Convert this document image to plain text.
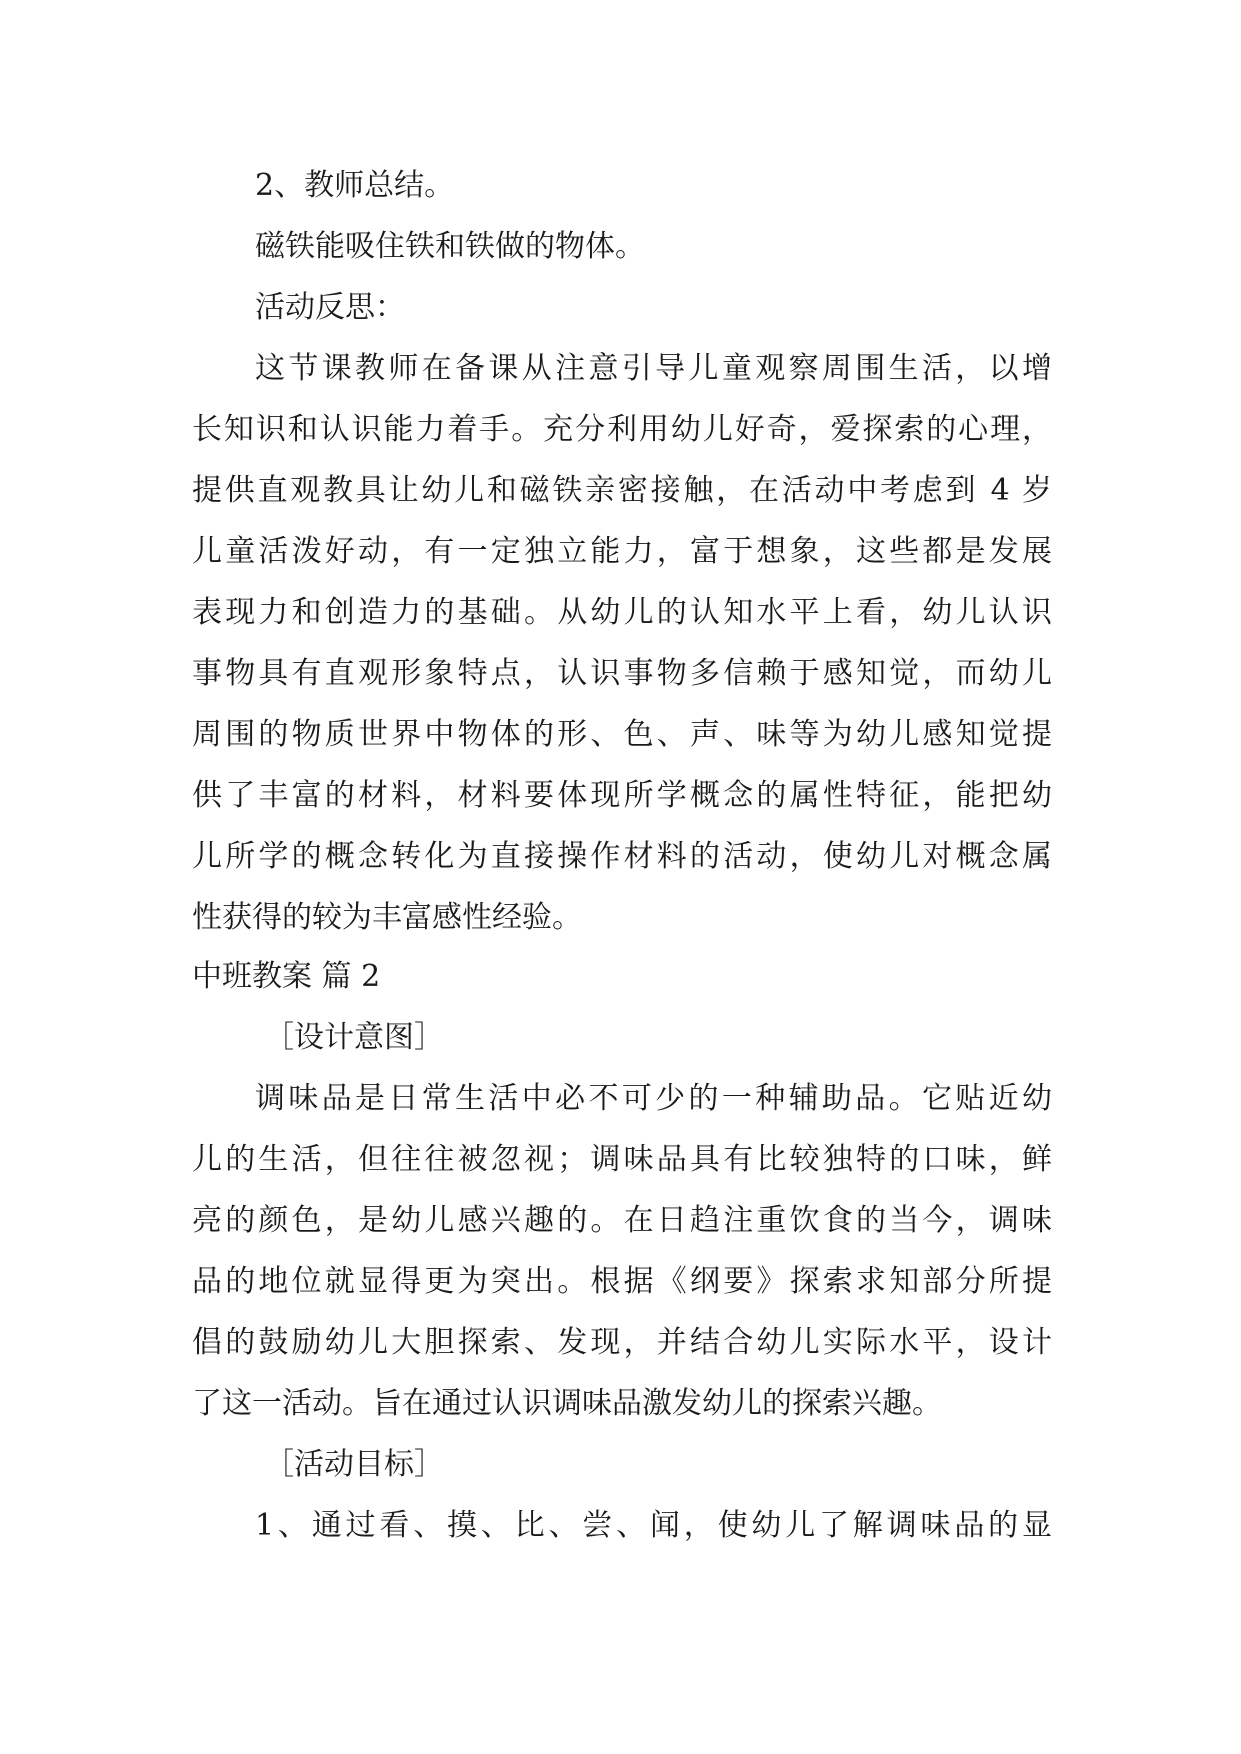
2、教师总结。
磁铁能吸住铁和铁做的物体。
活动反思：
这节课教师在备课从注意引导儿童观察周围生活，以增
长知识和认识能力着手。充分利用幼儿好奇，爱探索的心理，
提供直观教具让幼儿和磁铁亲密接触，在活动中考虑到 4 岁
儿童活泼好动，有一定独立能力，富于想象，这些都是发展
表现力和创造力的基础。从幼儿的认知水平上看，幼儿认识
事物具有直观形象特点，认识事物多信赖于感知觉，而幼儿
周围的物质世界中物体的形、色、声、味等为幼儿感知觉提
供了丰富的材料，材料要体现所学概念的属性特征，能把幼
儿所学的概念转化为直接操作材料的活动，使幼儿对概念属
性获得的较为丰富感性经验。
中班教案 篇 2
［设计意图］
调味品是日常生活中必不可少的一种辅助品。它贴近幼
儿的生活，但往往被忽视；调味品具有比较独特的口味，鲜
亮的颜色，是幼儿感兴趣的。在日趋注重饮食的当今，调味
品的地位就显得更为突出。根据《纲要》探索求知部分所提
倡的鼓励幼儿大胆探索、发现，并结合幼儿实际水平，设计
了这一活动。旨在通过认识调味品激发幼儿的探索兴趣。
［活动目标］
1、通过看、摸、比、尝、闻，使幼儿了解调味品的显
